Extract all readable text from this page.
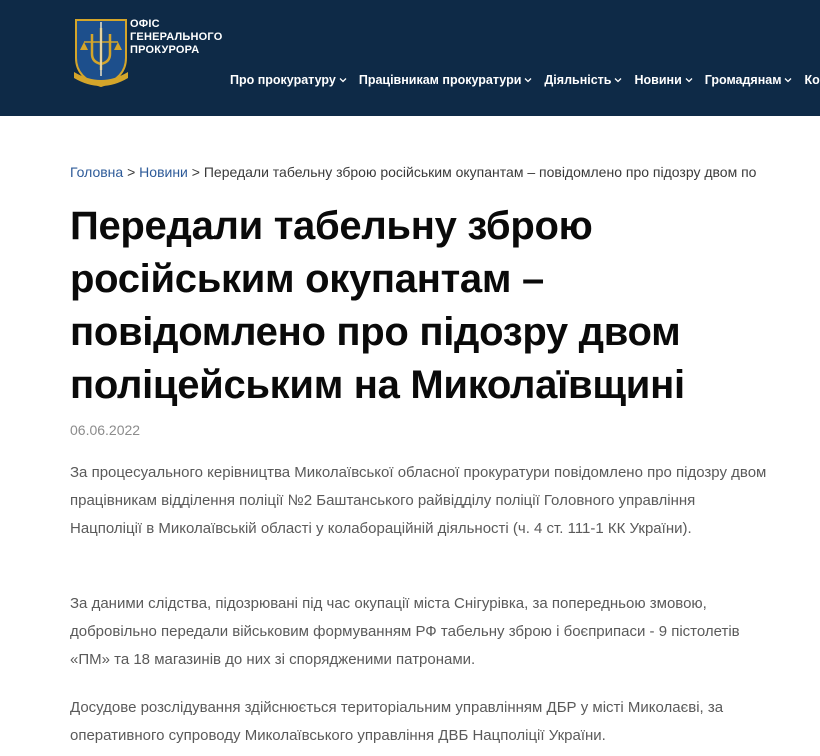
ОФІС
ГЕНЕРАЛЬНОГО
ПРОКУРОРА
Про прокуратуру Працівникам прокуратури Діяльність Новини Громадянам Ко
Головна > Новини > Передали табельну зброю російським окупантам – повідомлено про підозру двом по
Передали табельну зброю російським окупантам – повідомлено про підозру двом поліцейським на Миколаївщині
06.06.2022

За процесуального керівництва Миколаївської обласної прокуратури повідомлено про підозру двом працівникам відділення поліції №2 Баштанського райвідділу поліції Головного управління Нацполіції в Миколаївській області у колабораційній діяльності (ч. 4 ст. 111-1 КК України).

За даними слідства, підозрювані під час окупації міста Снігурівка, за попередньою змовою, добровільно передали військовим формуванням РФ табельну зброю і боєприпаси - 9 пістолетів «ПМ» та 18 магазинів до них зі спорядженими патронами.

Досудове розслідування здійснюється територіальним управлінням ДБР у місті Миколаєві, за оперативного супроводу Миколаївського управління ДВБ Нацполіції України.
